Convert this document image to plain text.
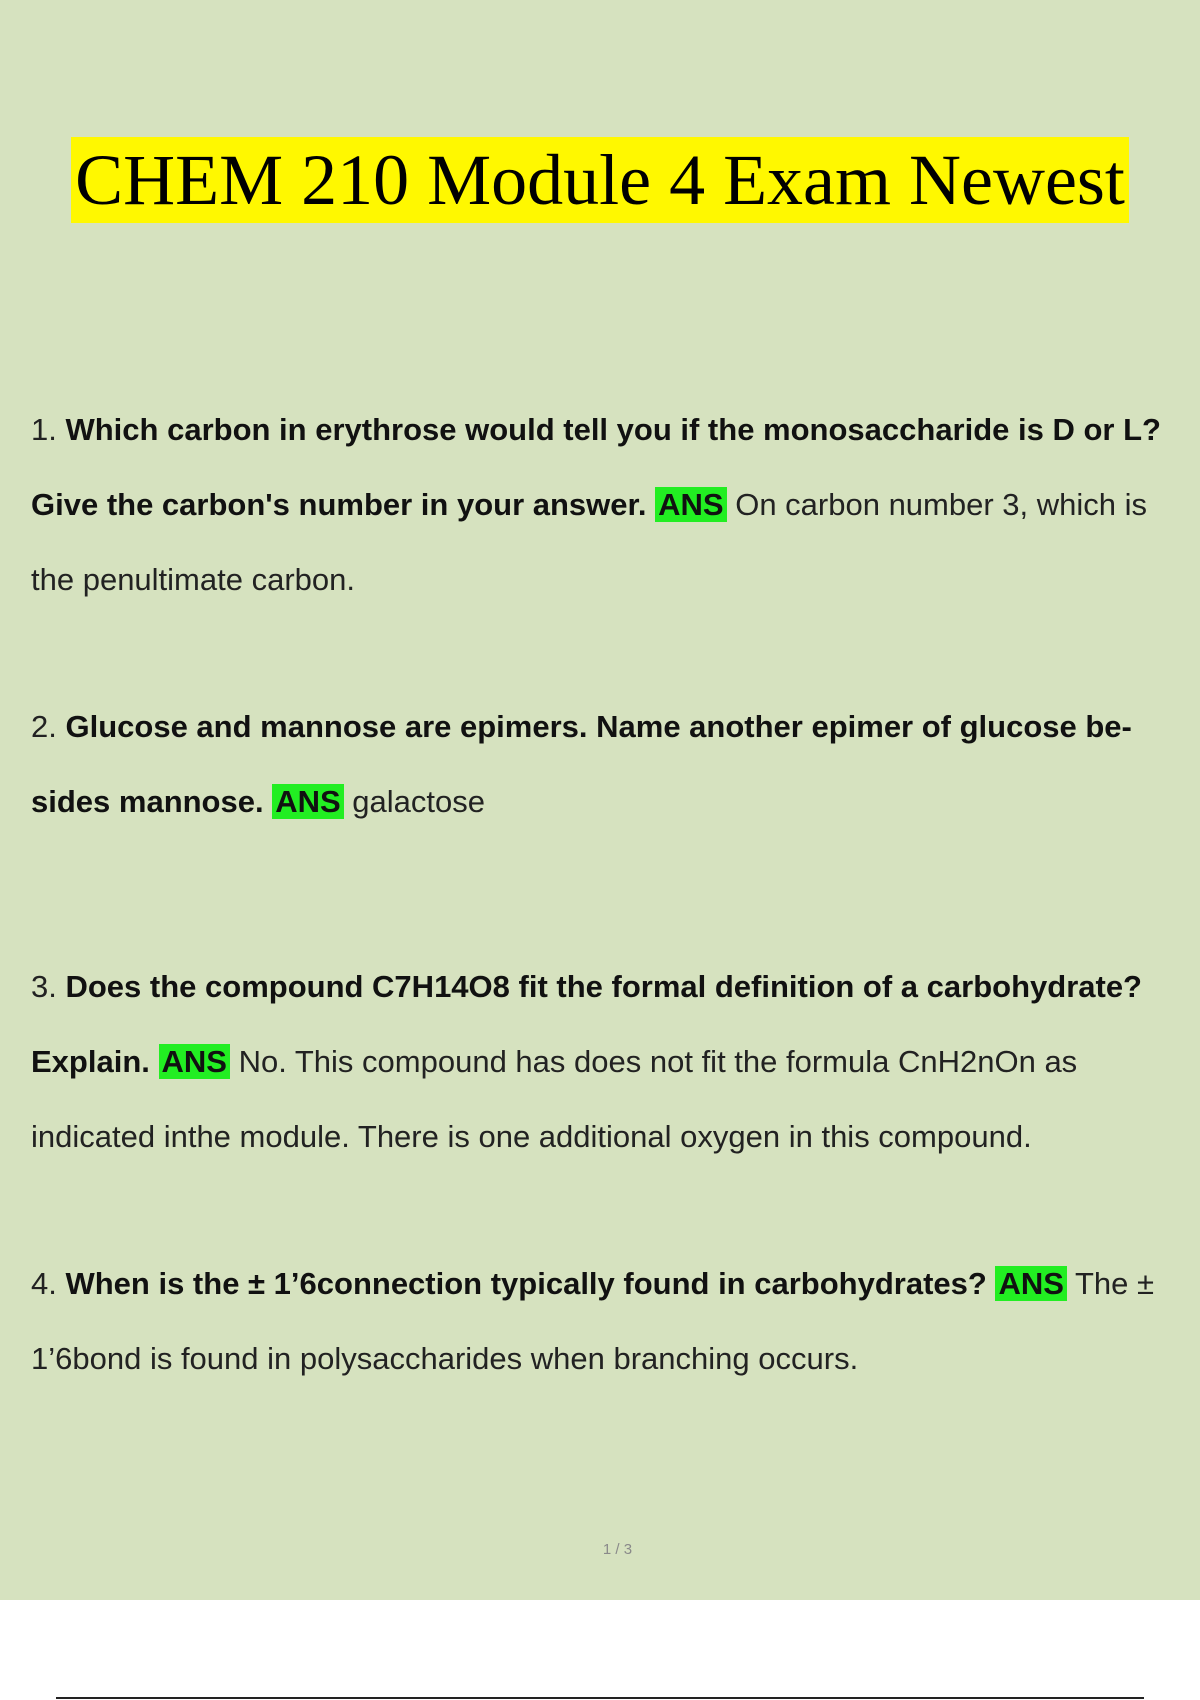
CHEM 210 Module 4 Exam Newest
1. Which carbon in erythrose would tell you if the monosaccharide is D or L? Give the carbon's number in your answer. ANS On carbon number 3, which is the penultimate carbon.
2. Glucose and mannose are epimers. Name another epimer of glucose be- sides mannose. ANS galactose
3. Does the compound C7H14O8 fit the formal definition of a carbohydrate? Explain. ANS No. This compound has does not fit the formula CnH2nOn as indicated inthe module. There is one additional oxygen in this compound.
4. When is the ± 1’6connection typically found in carbohydrates? ANS The ± 1’6bond is found in polysaccharides when branching occurs.
1 / 3
